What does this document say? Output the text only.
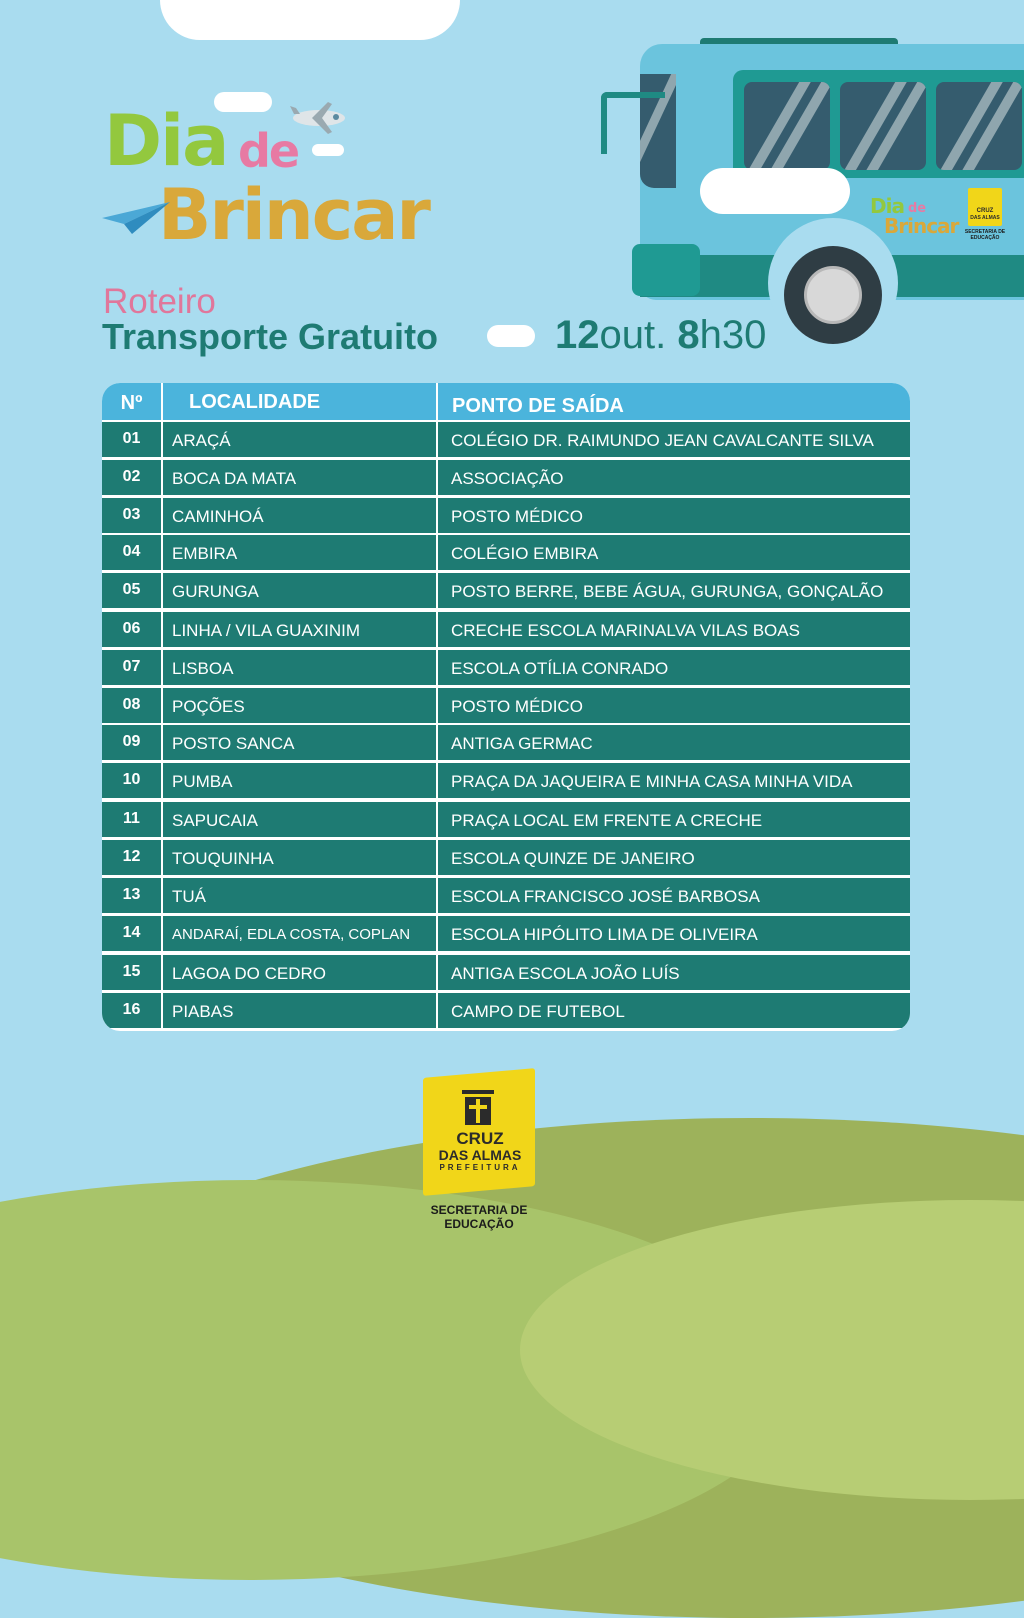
Dia de
Brincar	Dia de
Brincar
CRUZ
DAS ALMAS
SECRETARIA DE EDUCAÇÃO
Roteiro
Transporte Gratuito	12out. 8h30
Nº	LOCALIDADE	PONTO DE SAÍDA
01	ARAÇÁ	COLÉGIO DR. RAIMUNDO JEAN CAVALCANTE SILVA
02	BOCA DA MATA	ASSOCIAÇÃO
03	CAMINHOÁ	POSTO MÉDICO
04	EMBIRA	COLÉGIO EMBIRA
05	GURUNGA	POSTO BERRE, BEBE ÁGUA, GURUNGA, GONÇALÃO
06	LINHA / VILA GUAXINIM	CRECHE ESCOLA MARINALVA VILAS BOAS
07	LISBOA	ESCOLA OTÍLIA CONRADO
08	POÇÕES	POSTO MÉDICO
09	POSTO SANCA	ANTIGA GERMAC
10	PUMBA	PRAÇA DA JAQUEIRA E MINHA CASA MINHA VIDA
11	SAPUCAIA	PRAÇA LOCAL EM FRENTE A CRECHE
12	TOUQUINHA	ESCOLA QUINZE DE JANEIRO
13	TUÁ	ESCOLA FRANCISCO JOSÉ BARBOSA
14	ANDARAÍ, EDLA COSTA, COPLAN	ESCOLA HIPÓLITO LIMA DE OLIVEIRA
15	LAGOA DO CEDRO	ANTIGA ESCOLA JOÃO LUÍS
16	PIABAS	CAMPO DE FUTEBOL
CRUZ
DAS ALMAS
PREFEITURA
SECRETARIA DE
EDUCAÇÃO
